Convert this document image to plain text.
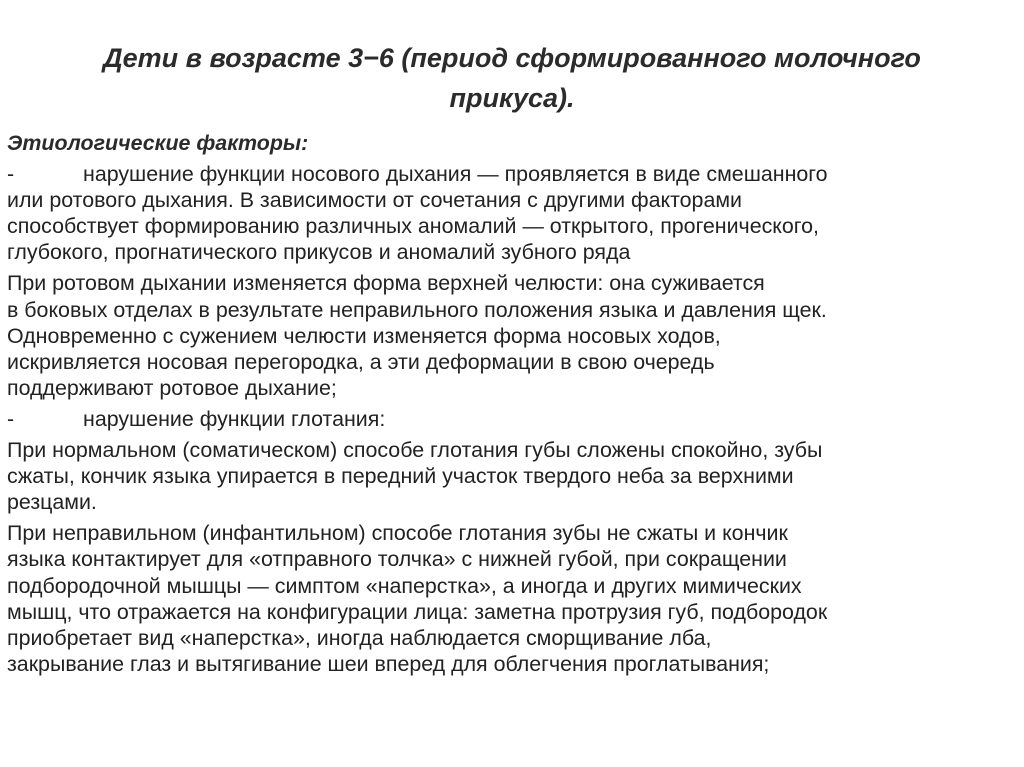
Дети в возрасте 3−6 (период сформированного молочного
прикуса).
Этиологические факторы:
-	нарушение функции носового дыхания — проявляется в виде смешанного
или ротового дыхания. В зависимости от сочетания с другими факторами
способствует формированию различных аномалий — открытого, прогенического,
глубокого, прогнатического прикусов и аномалий зубного ряда
При ротовом дыхании изменяется форма верхней челюсти: она суживается
в боковых отделах в результате неправильного положения языка и давления щек.
Одновременно с сужением челюсти изменяется форма носовых ходов,
искривляется носовая перегородка, а эти деформации в свою очередь
поддерживают ротовое дыхание;
-	нарушение функции глотания:
При нормальном (соматическом) способе глотания губы сложены спокойно, зубы
сжаты, кончик языка упирается в передний участок твердого неба за верхними
резцами.
При неправильном (инфантильном) способе глотания зубы не сжаты и кончик
языка контактирует для «отправного толчка» с нижней губой, при сокращении
подбородочной мышцы — симптом «наперстка», а иногда и других мимических
мышц, что отражается на конфигурации лица: заметна протрузия губ, подбородок
приобретает вид «наперстка», иногда наблюдается сморщивание лба,
закрывание глаз и вытягивание шеи вперед для облегчения проглатывания;
